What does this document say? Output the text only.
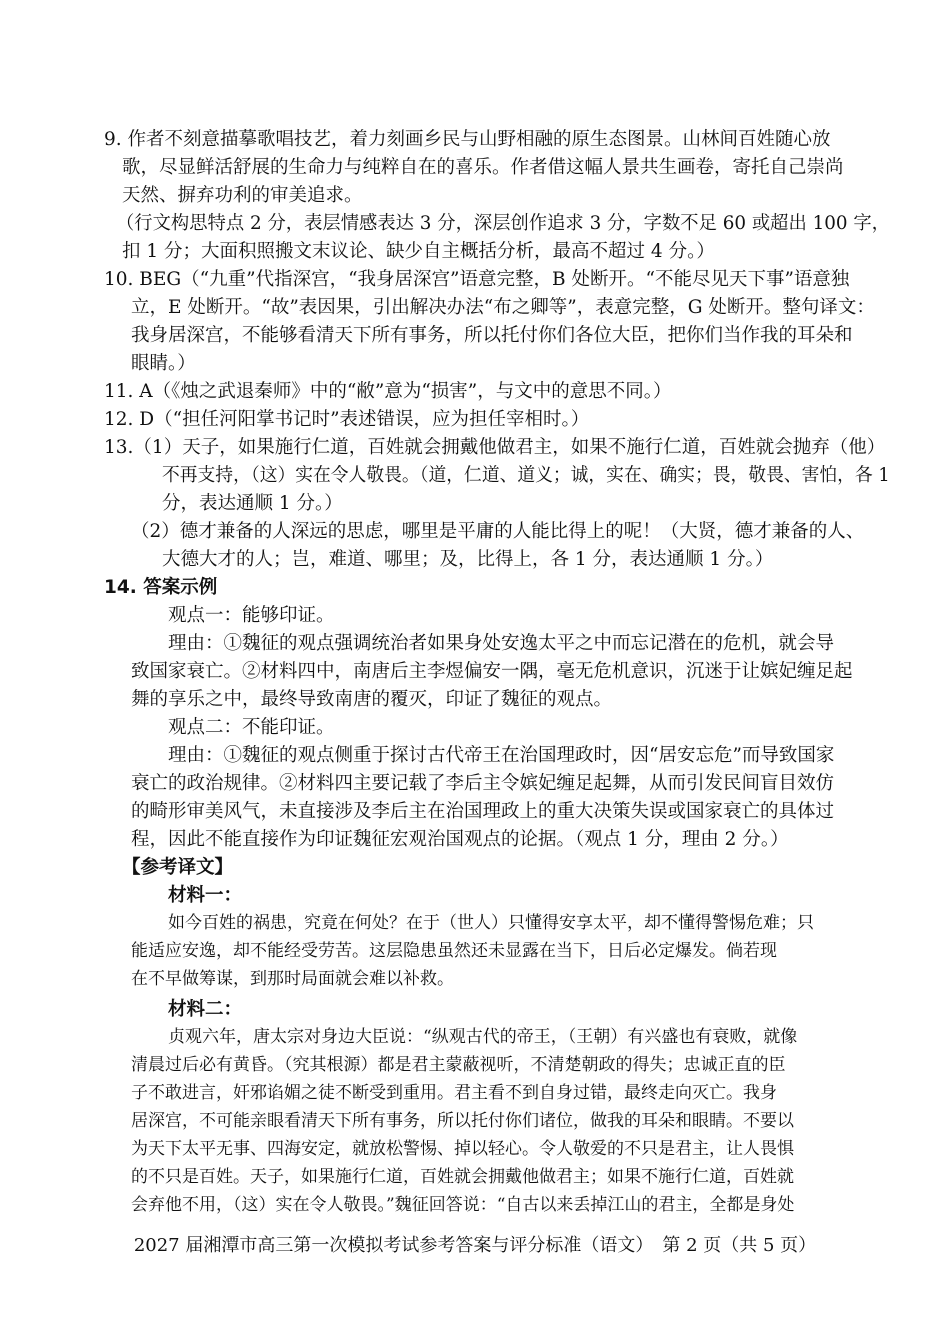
9. 作者不刻意描摹歌唱技艺，着力刻画乡民与山野相融的原生态图景。山林间百姓随心放
歌，尽显鲜活舒展的生命力与纯粹自在的喜乐。作者借这幅人景共生画卷，寄托自己崇尚
天然、摒弃功利的审美追求。
（行文构思特点 2 分，表层情感表达 3 分，深层创作追求 3 分，字数不足 60 或超出 100 字，
扣 1 分；大面积照搬文末议论、缺少自主概括分析，最高不超过 4 分。）
10. BEG（“九重”代指深宫，“我身居深宫”语意完整，B 处断开。“不能尽见天下事”语意独
立，E 处断开。“故”表因果，引出解决办法“布之卿等”，表意完整，G 处断开。整句译文：
我身居深宫，不能够看清天下所有事务，所以托付你们各位大臣，把你们当作我的耳朵和
眼睛。）
11. A（《烛之武退秦师》中的“敝”意为“损害”，与文中的意思不同。）
12. D（“担任河阳掌书记时”表述错误，应为担任宰相时。）
13.（1）天子，如果施行仁道，百姓就会拥戴他做君主，如果不施行仁道，百姓就会抛弃（他）
不再支持，（这）实在令人敬畏。（道，仁道、道义；诚，实在、确实；畏，敬畏、害怕，各 1
分，表达通顺 1 分。）
（2）德才兼备的人深远的思虑，哪里是平庸的人能比得上的呢！（大贤，德才兼备的人、
大德大才的人；岂，难道、哪里；及，比得上，各 1 分，表达通顺 1 分。）
14. 答案示例
观点一：能够印证。
理由：①魏征的观点强调统治者如果身处安逸太平之中而忘记潜在的危机，就会导
致国家衰亡。②材料四中，南唐后主李煜偏安一隅，毫无危机意识，沉迷于让嫔妃缠足起
舞的享乐之中，最终导致南唐的覆灭，印证了魏征的观点。
观点二：不能印证。
理由：①魏征的观点侧重于探讨古代帝王在治国理政时，因“居安忘危”而导致国家
衰亡的政治规律。②材料四主要记载了李后主令嫔妃缠足起舞，从而引发民间盲目效仿
的畸形审美风气，未直接涉及李后主在治国理政上的重大决策失误或国家衰亡的具体过
程，因此不能直接作为印证魏征宏观治国观点的论据。（观点 1 分，理由 2 分。）
【参考译文】
材料一：
如今百姓的祸患，究竟在何处？在于（世人）只懂得安享太平，却不懂得警惕危难；只
能适应安逸，却不能经受劳苦。这层隐患虽然还未显露在当下，日后必定爆发。倘若现
在不早做筹谋，到那时局面就会难以补救。
材料二：
贞观六年，唐太宗对身边大臣说：“纵观古代的帝王，（王朝）有兴盛也有衰败，就像
清晨过后必有黄昏。（究其根源）都是君主蒙蔽视听，不清楚朝政的得失；忠诚正直的臣
子不敢进言，奸邪谄媚之徒不断受到重用。君主看不到自身过错，最终走向灭亡。我身
居深宫，不可能亲眼看清天下所有事务，所以托付你们诸位，做我的耳朵和眼睛。不要以
为天下太平无事、四海安定，就放松警惕、掉以轻心。令人敬爱的不只是君主，让人畏惧
的不只是百姓。天子，如果施行仁道，百姓就会拥戴他做君主；如果不施行仁道，百姓就
会弃他不用，（这）实在令人敬畏。”魏征回答说：“自古以来丢掉江山的君主，全都是身处
2027 届湘潭市高三第一次模拟考试参考答案与评分标准（语文）　第 2 页（共 5 页）
